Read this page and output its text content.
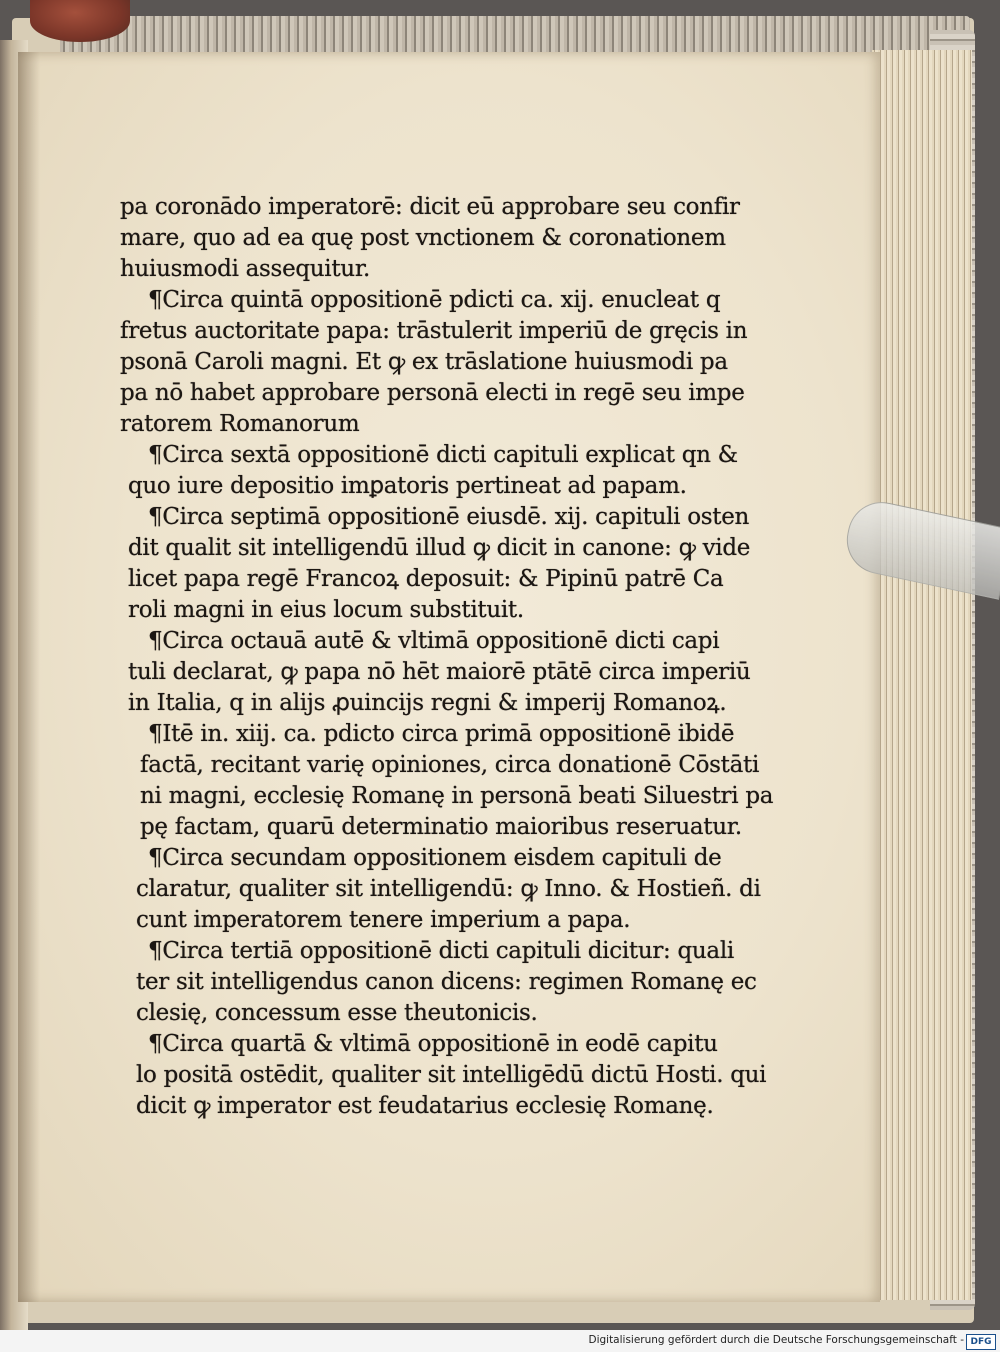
pa coronādo imperatorē: dicit eū approbare seu confir
mare, quo ad ea quę post vnctionem & coronationem
huiusmodi assequitur.
¶Circa quintā oppositionē pdicti ca. xij. enucleat q
fretus auctoritate papa: trāstulerit imperiū de gręcis in
psonā Caroli magni. Et ꝙ ex trāslatione huiusmodi pa
pa nō habet approbare personā electi in regē seu impe
ratorem Romanorum
¶Circa sextā oppositionē dicti capituli explicat qn &
quo iure depositio imꝑatoris pertineat ad papam.
¶Circa septimā oppositionē eiusdē. xij. capituli osten
dit qualit sit intelligendū illud ꝙ dicit in canone: ꝙ vide
licet papa regē Francoꝝ deposuit: & Pipinū patrē Ca
roli magni in eius locum substituit.
¶Circa octauā autē & vltimā oppositionē dicti capi
tuli declarat, ꝙ papa nō hēt maiorē ptātē circa imperiū
in Italia, q in alijs ꝓuincijs regni & imperij Romanoꝝ.
¶Itē in. xiij. ca. pdicto circa primā oppositionē ibidē
factā, recitant varię opiniones, circa donationē Cōstāti
ni magni, ecclesię Romanę in personā beati Siluestri pa
pę factam, quarū determinatio maioribus reseruatur.
¶Circa secundam oppositionem eisdem capituli de
claratur, qualiter sit intelligendū: ꝙ Inno. & Hostieñ. di
cunt imperatorem tenere imperium a papa.
¶Circa tertiā oppositionē dicti capituli dicitur: quali
ter sit intelligendus canon dicens: regimen Romanę ec
clesię, concessum esse theutonicis.
¶Circa quartā & vltimā oppositionē in eodē capitu
lo positā ostēdit, qualiter sit intelligēdū dictū Hosti. qui
dicit ꝙ imperator est feudatarius ecclesię Romanę.
Digitalisierung gefördert durch die Deutsche Forschungsgemeinschaft - DFG
